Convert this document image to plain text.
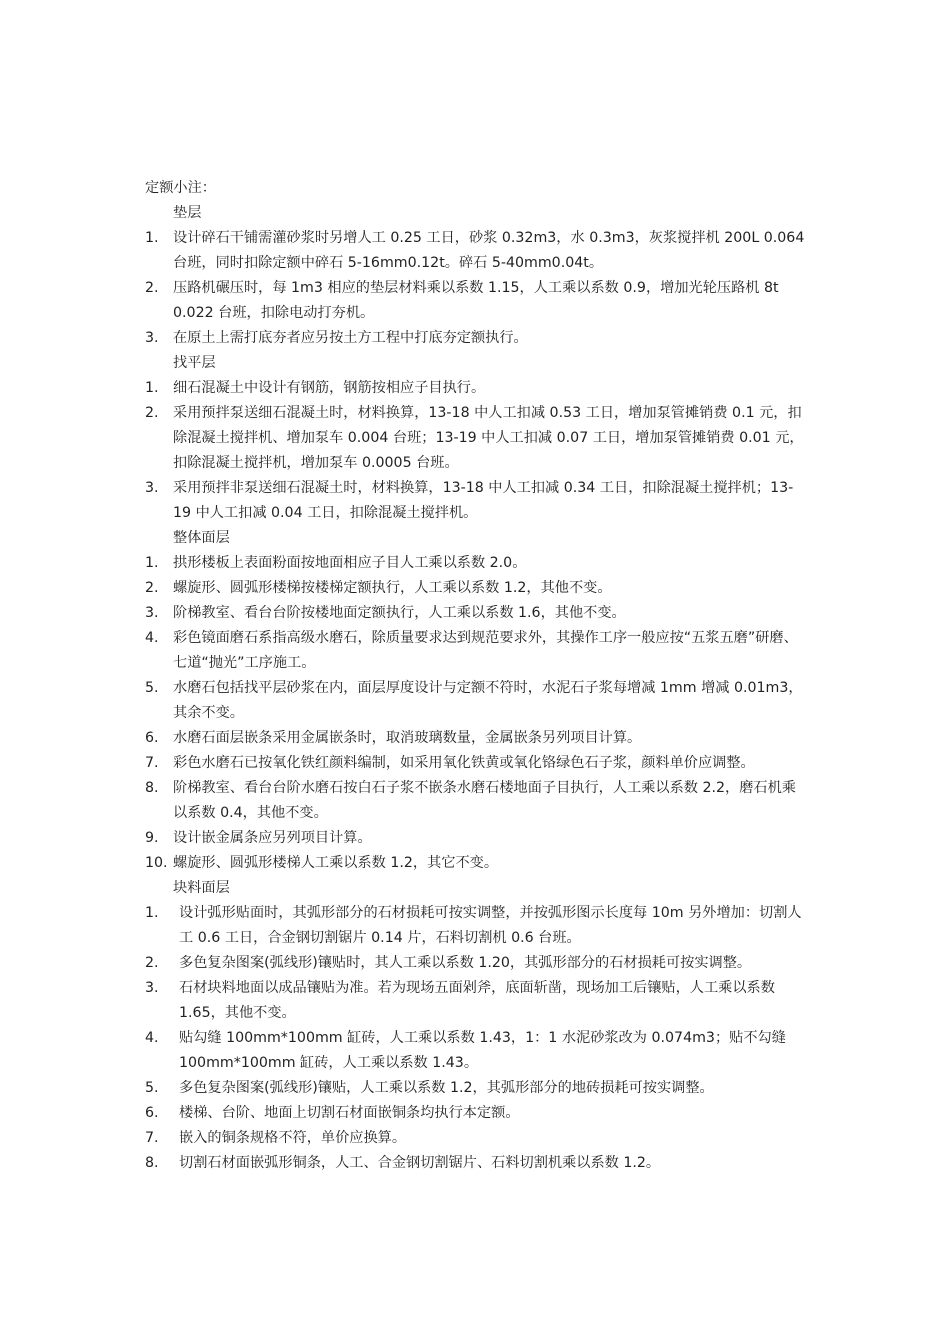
定额小注：
垫层
1.	设计碎石干铺需灌砂浆时另增人工 0.25 工日，砂浆 0.32m3，水 0.3m3，灰浆搅拌机 200L 0.064 台班，同时扣除定额中碎石 5-16mm0.12t。碎石 5-40mm0.04t。
2.	压路机碾压时，每 1m3 相应的垫层材料乘以系数 1.15，人工乘以系数 0.9，增加光轮压路机 8t 0.022 台班，扣除电动打夯机。
3.	在原土上需打底夯者应另按土方工程中打底夯定额执行。
找平层
1.	细石混凝土中设计有钢筋，钢筋按相应子目执行。
2.	采用预拌泵送细石混凝土时，材料换算，13-18 中人工扣减 0.53 工日，增加泵管摊销费 0.1 元，扣除混凝土搅拌机、增加泵车 0.004 台班；13-19 中人工扣减 0.07 工日，增加泵管摊销费 0.01 元，扣除混凝土搅拌机，增加泵车 0.0005 台班。
3.	采用预拌非泵送细石混凝土时，材料换算，13-18 中人工扣减 0.34 工日，扣除混凝土搅拌机；13-19 中人工扣减 0.04 工日，扣除混凝土搅拌机。
整体面层
1.	拱形楼板上表面粉面按地面相应子目人工乘以系数 2.0。
2.	螺旋形、圆弧形楼梯按楼梯定额执行，人工乘以系数 1.2，其他不变。
3.	阶梯教室、看台台阶按楼地面定额执行，人工乘以系数 1.6，其他不变。
4.	彩色镜面磨石系指高级水磨石，除质量要求达到规范要求外，其操作工序一般应按“五浆五磨”研磨、七道“抛光”工序施工。
5.	水磨石包括找平层砂浆在内，面层厚度设计与定额不符时，水泥石子浆每增减 1mm 增减 0.01m3，其余不变。
6.	水磨石面层嵌条采用金属嵌条时，取消玻璃数量，金属嵌条另列项目计算。
7.	彩色水磨石已按氧化铁红颜料编制，如采用氧化铁黄或氧化铬绿色石子浆，颜料单价应调整。
8.	阶梯教室、看台台阶水磨石按白石子浆不嵌条水磨石楼地面子目执行，人工乘以系数 2.2，磨石机乘以系数 0.4，其他不变。
9.	设计嵌金属条应另列项目计算。
10. 螺旋形、圆弧形楼梯人工乘以系数 1.2，其它不变。
块料面层
1.	设计弧形贴面时，其弧形部分的石材损耗可按实调整，并按弧形图示长度每 10m 另外增加：切割人工 0.6 工日，合金钢切割锯片 0.14 片，石料切割机 0.6 台班。
2.	多色复杂图案(弧线形)镶贴时，其人工乘以系数 1.20，其弧形部分的石材损耗可按实调整。
3.	石材块料地面以成品镶贴为准。若为现场五面剁斧，底面斩凿，现场加工后镶贴，人工乘以系数 1.65，其他不变。
4.	贴勾缝 100mm*100mm 缸砖，人工乘以系数 1.43，1：1 水泥砂浆改为 0.074m3；贴不勾缝 100mm*100mm 缸砖，人工乘以系数 1.43。
5.	多色复杂图案(弧线形)镶贴，人工乘以系数 1.2，其弧形部分的地砖损耗可按实调整。
6.	楼梯、台阶、地面上切割石材面嵌铜条均执行本定额。
7.	嵌入的铜条规格不符，单价应换算。
8.	切割石材面嵌弧形铜条，人工、合金钢切割锯片、石料切割机乘以系数 1.2。
